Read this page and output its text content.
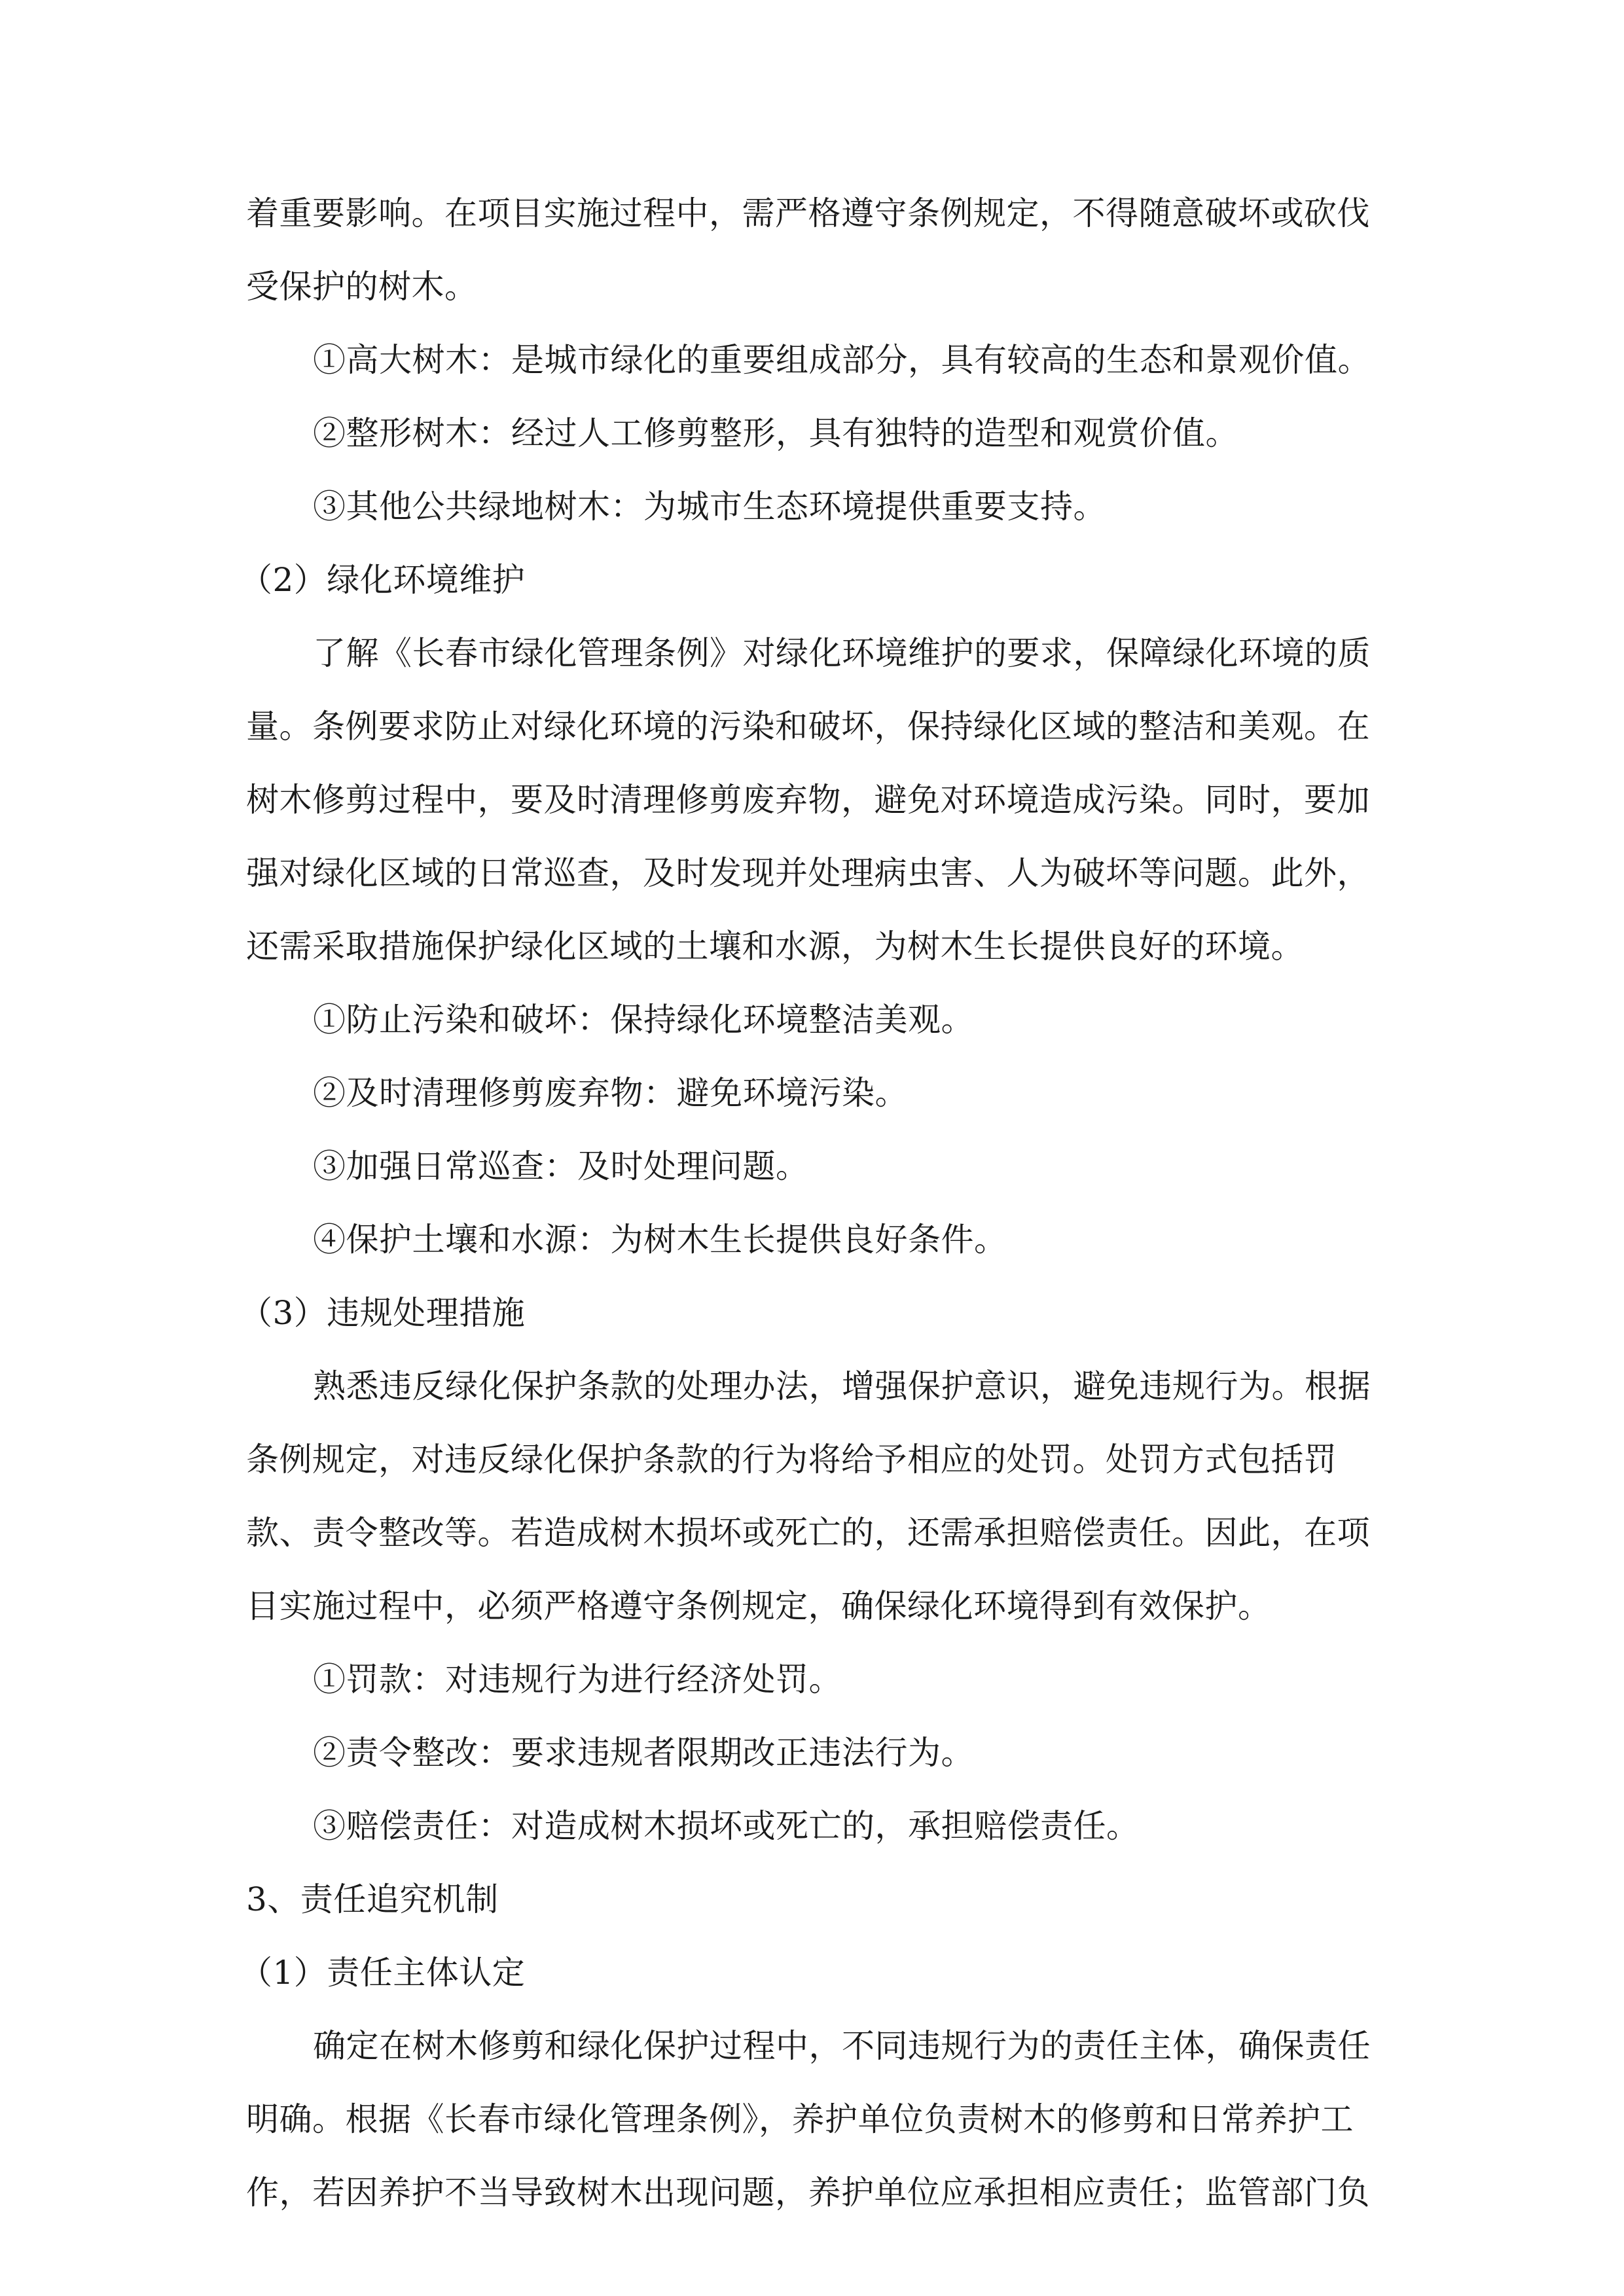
着重要影响。在项目实施过程中，需严格遵守条例规定，不得随意破坏或砍伐
受保护的树木。
①高大树木：是城市绿化的重要组成部分，具有较高的生态和景观价值。
②整形树木：经过人工修剪整形，具有独特的造型和观赏价值。
③其他公共绿地树木：为城市生态环境提供重要支持。
（2）绿化环境维护
了解《长春市绿化管理条例》对绿化环境维护的要求，保障绿化环境的质
量。条例要求防止对绿化环境的污染和破坏，保持绿化区域的整洁和美观。在
树木修剪过程中，要及时清理修剪废弃物，避免对环境造成污染。同时，要加
强对绿化区域的日常巡查，及时发现并处理病虫害、人为破坏等问题。此外，
还需采取措施保护绿化区域的土壤和水源，为树木生长提供良好的环境。
①防止污染和破坏：保持绿化环境整洁美观。
②及时清理修剪废弃物：避免环境污染。
③加强日常巡查：及时处理问题。
④保护土壤和水源：为树木生长提供良好条件。
（3）违规处理措施
熟悉违反绿化保护条款的处理办法，增强保护意识，避免违规行为。根据
条例规定，对违反绿化保护条款的行为将给予相应的处罚。处罚方式包括罚
款、责令整改等。若造成树木损坏或死亡的，还需承担赔偿责任。因此，在项
目实施过程中，必须严格遵守条例规定，确保绿化环境得到有效保护。
①罚款：对违规行为进行经济处罚。
②责令整改：要求违规者限期改正违法行为。
③赔偿责任：对造成树木损坏或死亡的，承担赔偿责任。
3、责任追究机制
（1）责任主体认定
确定在树木修剪和绿化保护过程中，不同违规行为的责任主体，确保责任
明确。根据《长春市绿化管理条例》，养护单位负责树木的修剪和日常养护工
作，若因养护不当导致树木出现问题，养护单位应承担相应责任；监管部门负
